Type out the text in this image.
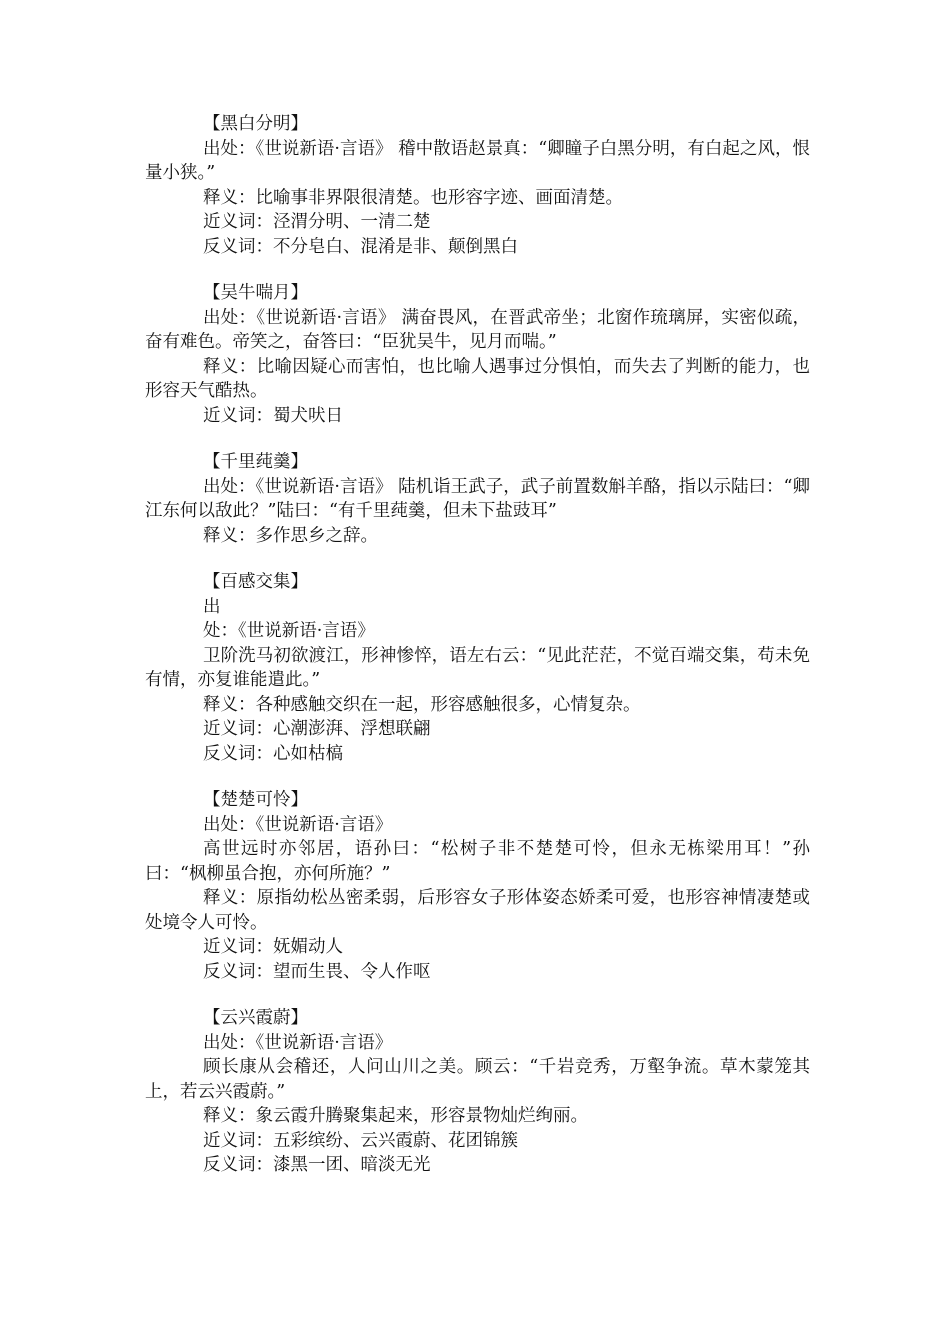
【黑白分明】
出处：《世说新语·言语》 稽中散语赵景真：“卿瞳子白黑分明，有白起之风，恨量小狭。”
释义：比喻事非界限很清楚。也形容字迹、画面清楚。
近义词：泾渭分明、一清二楚
反义词：不分皂白、混淆是非、颠倒黑白
【吴牛喘月】
出处：《世说新语·言语》 满奋畏风，在晋武帝坐；北窗作琉璃屏，实密似疏，奋有难色。帝笑之，奋答曰：“臣犹吴牛，见月而喘。”
释义：比喻因疑心而害怕，也比喻人遇事过分惧怕，而失去了判断的能力，也形容天气酷热。
近义词：蜀犬吠日
【千里莼羹】
出处：《世说新语·言语》 陆机诣王武子，武子前置数斛羊酪，指以示陆曰：“卿江东何以敌此？”陆曰：“有千里莼羹，但未下盐豉耳”
释义：多作思乡之辞。
【百感交集】
出
处：《世说新语·言语》
卫阶洗马初欲渡江，形神惨悴，语左右云：“见此茫茫，不觉百端交集，苟未免有情，亦复谁能遣此。”
释义：各种感触交织在一起，形容感触很多，心情复杂。
近义词：心潮澎湃、浮想联翩
反义词：心如枯槁
【楚楚可怜】
出处：《世说新语·言语》
高世远时亦邻居，语孙曰：“松树子非不楚楚可怜，但永无栋梁用耳！”孙曰：“枫柳虽合抱，亦何所施？”
释义：原指幼松丛密柔弱，后形容女子形体姿态娇柔可爱，也形容神情凄楚或处境令人可怜。
近义词：妩媚动人
反义词：望而生畏、令人作呕
【云兴霞蔚】
出处：《世说新语·言语》
顾长康从会稽还，人问山川之美。顾云：“千岩竞秀，万壑争流。草木蒙笼其上，若云兴霞蔚。”
释义：象云霞升腾聚集起来，形容景物灿烂绚丽。
近义词：五彩缤纷、云兴霞蔚、花团锦簇
反义词：漆黑一团、暗淡无光
